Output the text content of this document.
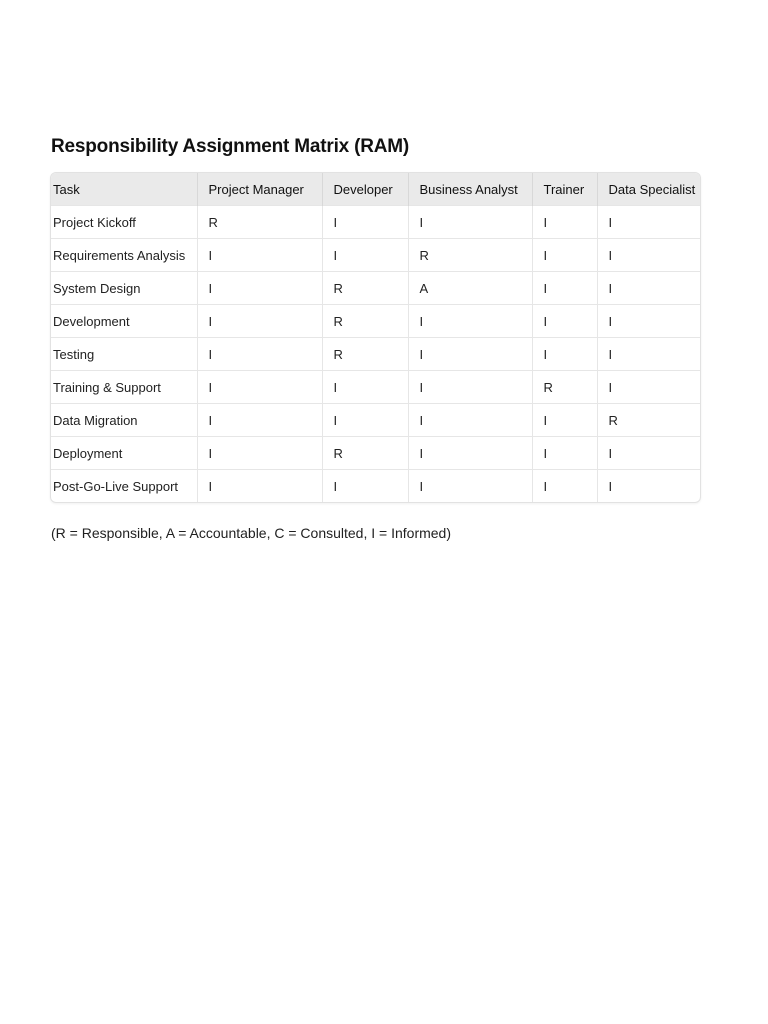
Responsibility Assignment Matrix (RAM)
Task	Project Manager	Developer	Business Analyst	Trainer	Data Specialist
Project Kickoff	R	I	I	I	I
Requirements Analysis	I	I	R	I	I
System Design	I	R	A	I	I
Development	I	R	I	I	I
Testing	I	R	I	I	I
Training & Support	I	I	I	R	I
Data Migration	I	I	I	I	R
Deployment	I	R	I	I	I
Post-Go-Live Support	I	I	I	I	I

(R = Responsible, A = Accountable, C = Consulted, I = Informed)
